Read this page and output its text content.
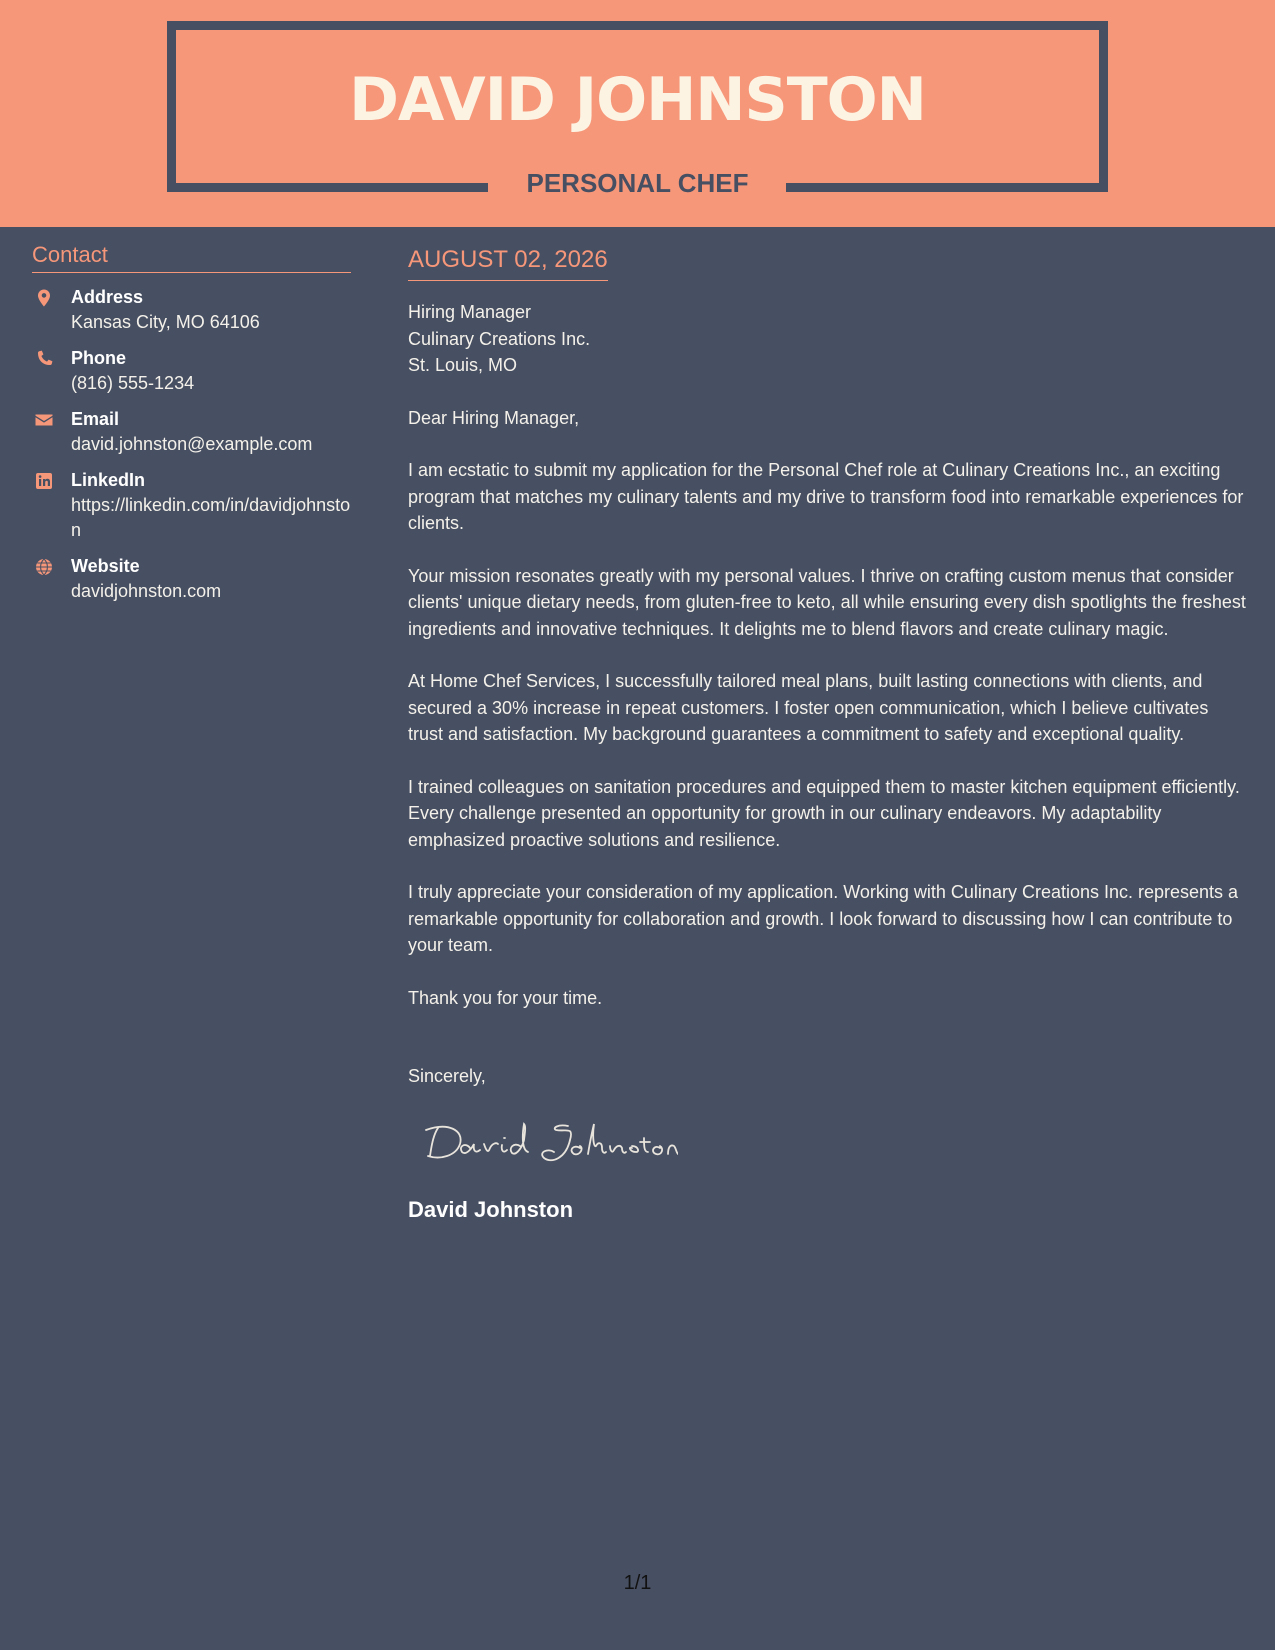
DAVID JOHNSTON
PERSONAL CHEF
Contact
Address
Kansas City, MO 64106
Phone
(816) 555-1234
Email
david.johnston@example.com
LinkedIn
https://linkedin.com/in/davidjohnston
Website
davidjohnston.com
AUGUST 02, 2026
Hiring Manager
Culinary Creations Inc.
St. Louis, MO
Dear Hiring Manager,
I am ecstatic to submit my application for the Personal Chef role at Culinary Creations Inc., an exciting program that matches my culinary talents and my drive to transform food into remarkable experiences for clients.
Your mission resonates greatly with my personal values. I thrive on crafting custom menus that consider clients' unique dietary needs, from gluten-free to keto, all while ensuring every dish spotlights the freshest ingredients and innovative techniques. It delights me to blend flavors and create culinary magic.
At Home Chef Services, I successfully tailored meal plans, built lasting connections with clients, and secured a 30% increase in repeat customers. I foster open communication, which I believe cultivates trust and satisfaction. My background guarantees a commitment to safety and exceptional quality.
I trained colleagues on sanitation procedures and equipped them to master kitchen equipment efficiently. Every challenge presented an opportunity for growth in our culinary endeavors. My adaptability emphasized proactive solutions and resilience.
I truly appreciate your consideration of my application. Working with Culinary Creations Inc. represents a remarkable opportunity for collaboration and growth. I look forward to discussing how I can contribute to your team.
Thank you for your time.
Sincerely,
David Johnston
1/1
